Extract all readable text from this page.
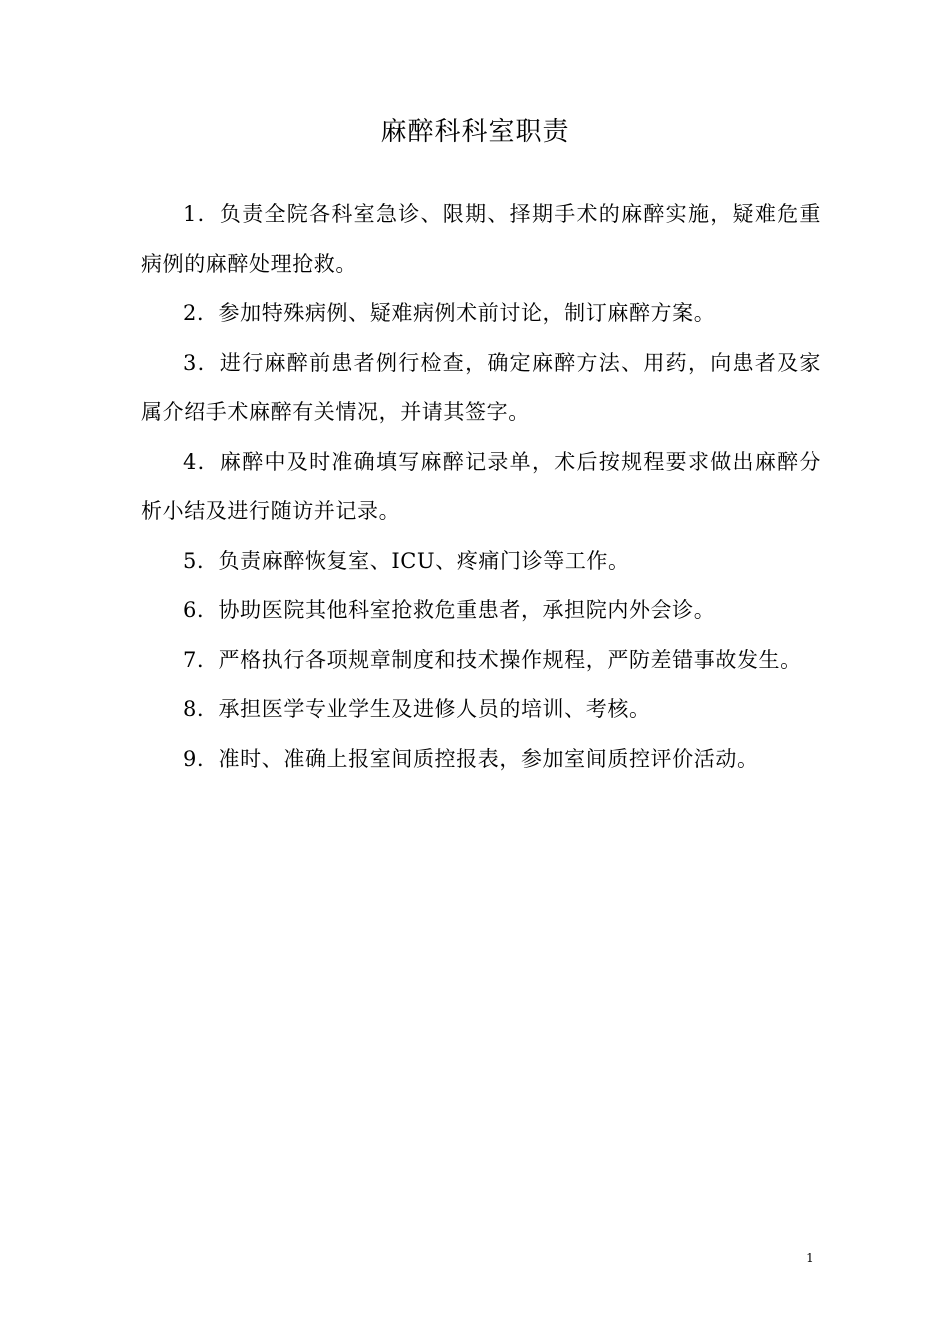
麻醉科科室职责

1．负责全院各科室急诊、限期、择期手术的麻醉实施，疑难危重病例的麻醉处理抢救。

2．参加特殊病例、疑难病例术前讨论，制订麻醉方案。

3．进行麻醉前患者例行检查，确定麻醉方法、用药，向患者及家属介绍手术麻醉有关情况，并请其签字。

4．麻醉中及时准确填写麻醉记录单，术后按规程要求做出麻醉分析小结及进行随访并记录。

5．负责麻醉恢复室、ICU、疼痛门诊等工作。

6．协助医院其他科室抢救危重患者，承担院内外会诊。

7．严格执行各项规章制度和技术操作规程，严防差错事故发生。

8．承担医学专业学生及进修人员的培训、考核。

9．准时、准确上报室间质控报表，参加室间质控评价活动。

1
